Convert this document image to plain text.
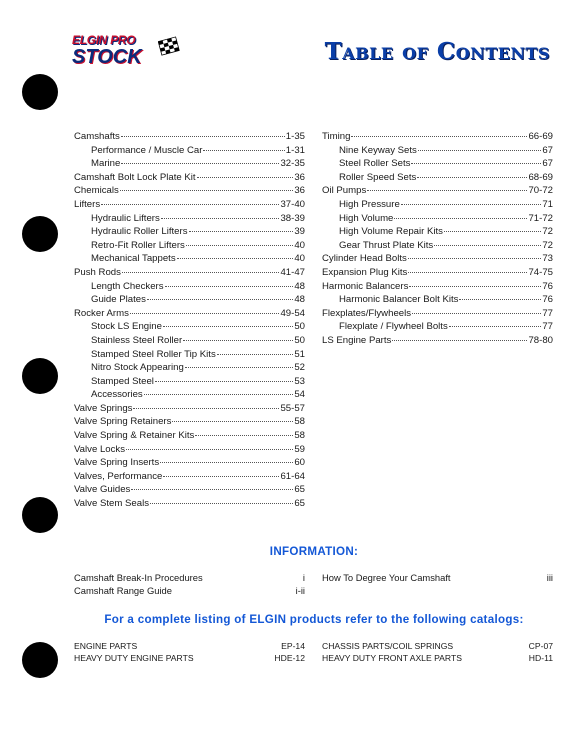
ELGIN PRO
STOCK	Table of Contents
Camshafts	1-35
Performance / Muscle Car	1-31
Marine	32-35
Camshaft Bolt Lock Plate Kit	36
Chemicals	36
Lifters	37-40
Hydraulic Lifters	38-39
Hydraulic Roller Lifters	39
Retro-Fit Roller Lifters	40
Mechanical Tappets	40
Push Rods	41-47
Length Checkers	48
Guide Plates	48
Rocker Arms	49-54
Stock LS Engine	50
Stainless Steel Roller	50
Stamped Steel Roller Tip Kits	51
Nitro Stock Appearing	52
Stamped Steel	53
Accessories	54
Valve Springs	55-57
Valve Spring Retainers	58
Valve Spring & Retainer Kits	58
Valve Locks	59
Valve Spring Inserts	60
Valves, Performance	61-64
Valve Guides	65
Valve Stem Seals	65
Timing	66-69
Nine Keyway Sets	67
Steel Roller Sets	67
Roller Speed Sets	68-69
Oil Pumps	70-72
High Pressure	71
High Volume	71-72
High Volume Repair Kits	72
Gear Thrust Plate Kits	72
Cylinder Head Bolts	73
Expansion Plug Kits	74-75
Harmonic Balancers	76
Harmonic Balancer Bolt Kits	76
Flexplates/Flywheels	77
Flexplate / Flywheel Bolts	77
LS Engine Parts	78-80
INFORMATION:
Camshaft Break-In Procedures	i
Camshaft Range Guide	i-ii
How To Degree Your Camshaft	iii
For a complete listing of ELGIN products refer to the following catalogs:
ENGINE PARTS	EP-14
HEAVY DUTY ENGINE PARTS	HDE-12
CHASSIS PARTS/COIL SPRINGS	CP-07
HEAVY DUTY FRONT AXLE PARTS	HD-11
